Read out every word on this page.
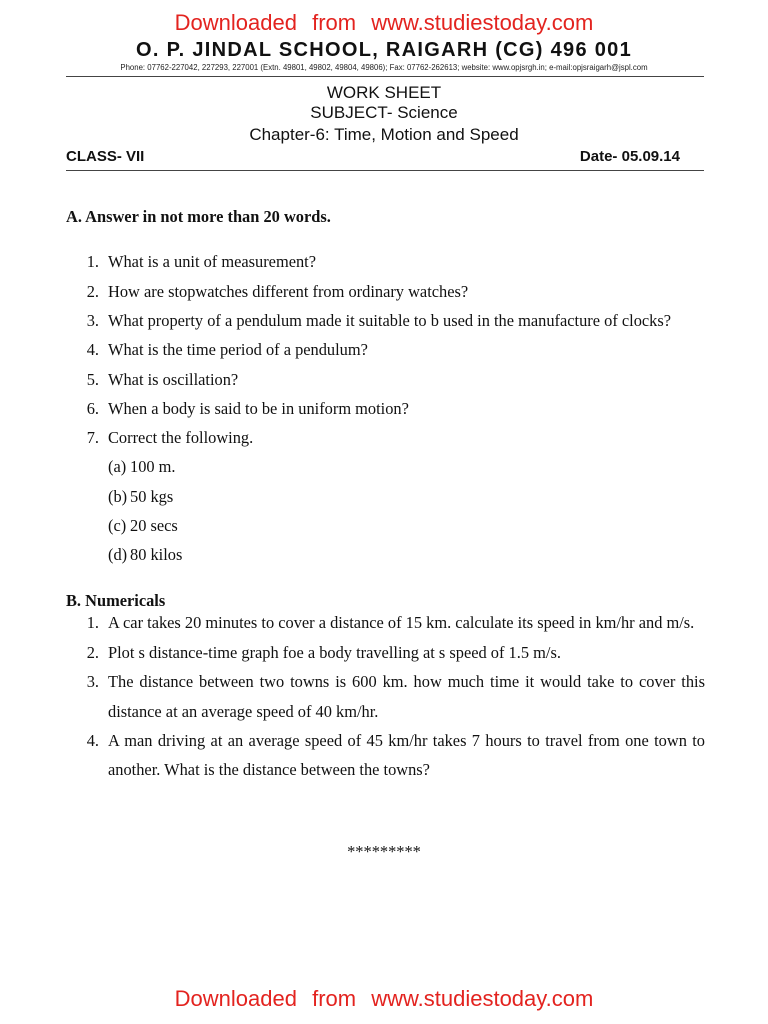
Downloaded from www.studiestoday.com
O. P. JINDAL SCHOOL, RAIGARH (CG) 496 001
Phone: 07762-227042, 227293, 227001 (Extn. 49801, 49802, 49804, 49806); Fax: 07762-262613; website: www.opjsrgh.in; e-mail:opjsraigarh@jspl.com
WORK SHEET
SUBJECT- Science
Chapter-6: Time, Motion and Speed
CLASS- VII	Date- 05.09.14
A. Answer in not more than 20 words.
1. What is a unit of measurement?
2. How are stopwatches different from ordinary watches?
3. What property of a pendulum made it suitable to b used in the manufacture of clocks?
4. What is the time period of a pendulum?
5. What is oscillation?
6. When a body is said to be in uniform motion?
7. Correct the following.
(a) 100 m.
(b) 50 kgs
(c) 20 secs
(d) 80 kilos
B. Numericals
1. A car takes 20 minutes to cover a distance of 15 km. calculate its speed in km/hr and m/s.
2. Plot s distance-time graph foe a body travelling at s speed of 1.5 m/s.
3. The distance between two towns is 600 km. how much time it would take to cover this distance at an average speed of 40 km/hr.
4. A man driving at an average speed of 45 km/hr takes 7 hours to travel from one town to another. What is the distance between the towns?
*********
Downloaded from www.studiestoday.com
